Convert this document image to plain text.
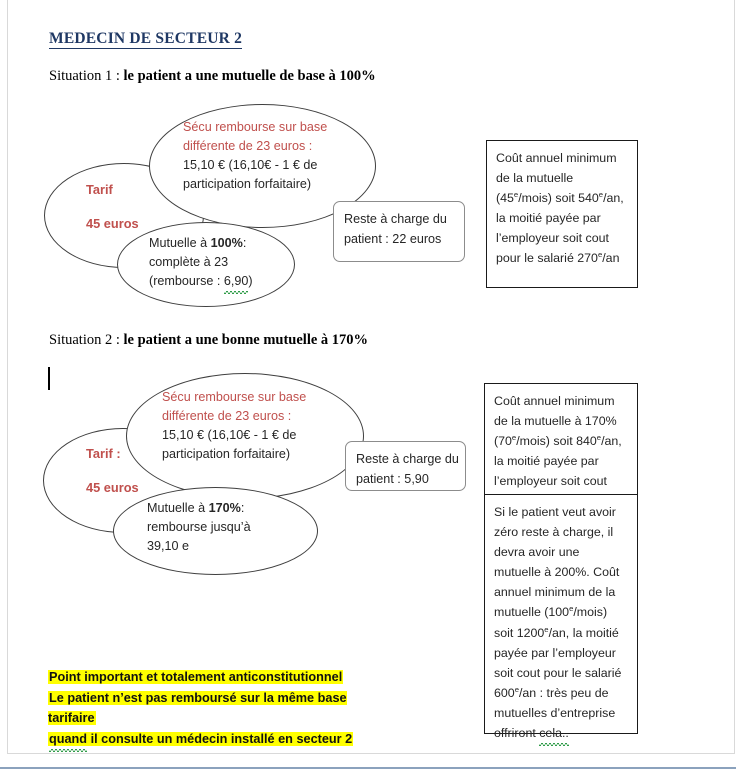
MEDECIN DE SECTEUR 2
Situation 1 : le patient a une mutuelle de base à 100%
Tarif
45 euros
Sécu rembourse sur base
différente de 23 euros :
15,10 € (16,10€ - 1 € de
participation forfaitaire)
Mutuelle à 100%:
complète à 23
(rembourse : 6,90)
Reste à charge du
patient : 22 euros
Coût annuel minimum
de la mutuelle
(45e/mois) soit 540e/an,
la moitié payée par
l’employeur soit cout
pour le salarié 270e/an
Situation 2 : le patient a une bonne mutuelle à 170%
Tarif :
45 euros
Sécu rembourse sur base
différente de 23 euros :
15,10 € (16,10€ - 1 € de
participation forfaitaire)
Mutuelle à 170%:
rembourse jusqu’à
39,10 e
Reste à charge du
patient : 5,90
Coût annuel minimum
de la mutuelle à 170%
(70e/mois) soit 840e/an,
la moitié payée par
l’employeur soit cout
Si le patient veut avoir
zéro reste à charge, il
devra avoir une
mutuelle à 200%. Coût
annuel minimum de la
mutuelle (100e/mois)
soit 1200e/an, la moitié
payée par l’employeur
soit cout pour le salarié
600e/an : très peu de
mutuelles d’entreprise
offriront cela..
Point important et totalement anticonstitutionnel
Le patient n’est pas remboursé sur la même base tarifaire
quand il consulte un médecin installé en secteur 2
